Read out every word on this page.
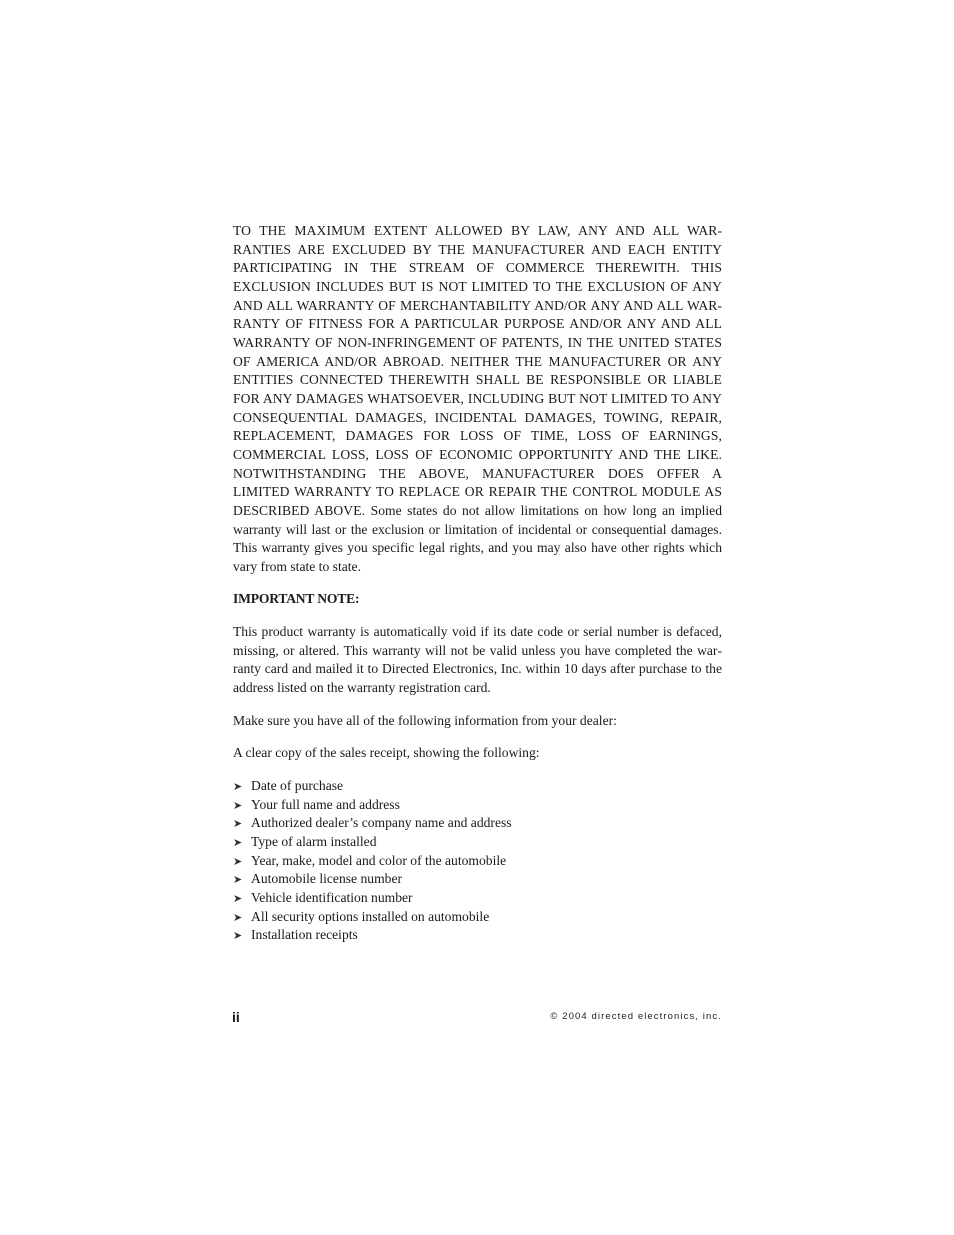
TO THE MAXIMUM EXTENT ALLOWED BY LAW, ANY AND ALL WARRANTIES ARE EXCLUDED BY THE MANUFACTURER AND EACH ENTITY PARTICIPATING IN THE STREAM OF COMMERCE THEREWITH. THIS EXCLUSION INCLUDES BUT IS NOT LIMITED TO THE EXCLUSION OF ANY AND ALL WARRANTY OF MERCHANTABILITY AND/OR ANY AND ALL WARRANTY OF FITNESS FOR A PARTICULAR PURPOSE AND/OR ANY AND ALL WARRANTY OF NON-INFRINGEMENT OF PATENTS, IN THE UNITED STATES OF AMERICA AND/OR ABROAD. NEITHER THE MANUFACTURER OR ANY ENTITIES CONNECTED THEREWITH SHALL BE RESPONSIBLE OR LIABLE FOR ANY DAMAGES WHATSOEVER, INCLUDING BUT NOT LIMITED TO ANY CONSEQUENTIAL DAMAGES, INCIDENTAL DAMAGES, TOWING, REPAIR, REPLACEMENT, DAMAGES FOR LOSS OF TIME, LOSS OF EARNINGS, COMMERCIAL LOSS, LOSS OF ECONOMIC OPPORTUNITY AND THE LIKE. NOTWITHSTANDING THE ABOVE, MANUFACTURER DOES OFFER A LIMITED WARRANTY TO REPLACE OR REPAIR THE CONTROL MODULE AS DESCRIBED ABOVE. Some states do not allow limitations on how long an implied warranty will last or the exclusion or limitation of incidental or consequential damages. This warranty gives you specific legal rights, and you may also have other rights which vary from state to state.

IMPORTANT NOTE:

This product warranty is automatically void if its date code or serial number is defaced, missing, or altered. This warranty will not be valid unless you have completed the warranty card and mailed it to Directed Electronics, Inc. within 10 days after purchase to the address listed on the warranty registration card.

Make sure you have all of the following information from your dealer:

A clear copy of the sales receipt, showing the following:

➤ Date of purchase
➤ Your full name and address
➤ Authorized dealer’s company name and address
➤ Type of alarm installed
➤ Year, make, model and color of the automobile
➤ Automobile license number
➤ Vehicle identification number
➤ All security options installed on automobile
➤ Installation receipts
ii	© 2004 directed electronics, inc.
